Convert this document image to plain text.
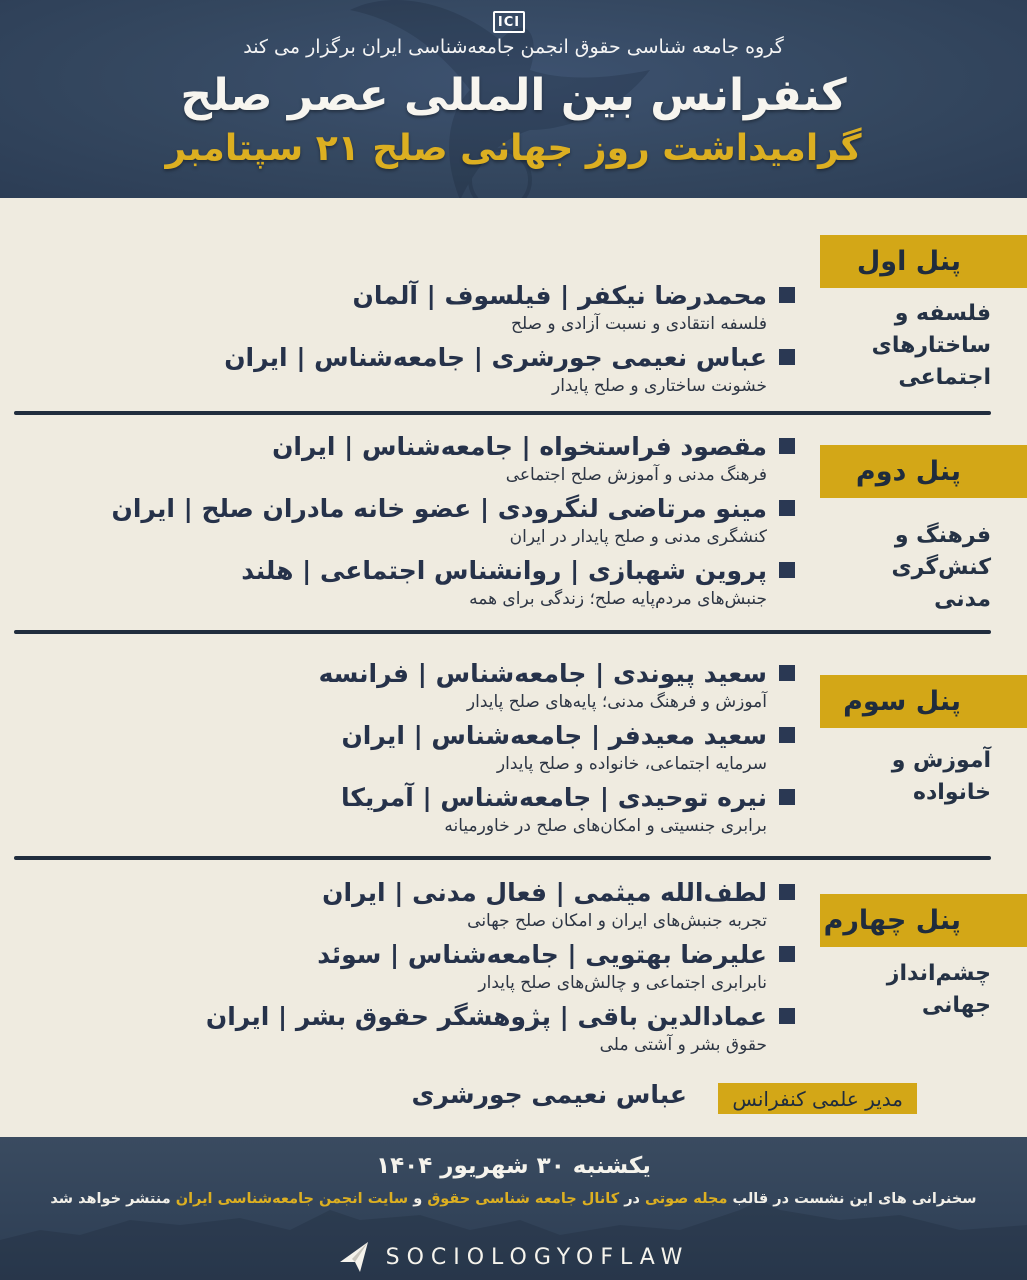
ICI
گروه جامعه شناسی حقوق انجمن جامعه‌شناسی ایران برگزار می کند
کنفرانس بین المللی عصر صلح
گرامیداشت روز جهانی صلح ۲۱ سپتامبر
پنل اول
فلسفه و
ساختارهای
اجتماعی
محمدرضا نیکفر | فیلسوف | آلمان
فلسفه انتقادی و نسبت آزادی و صلح
عباس نعیمی جورشری | جامعه‌شناس | ایران
خشونت ساختاری و صلح پایدار
پنل دوم
فرهنگ و
کنش‌گری
مدنی
مقصود فراستخواه | جامعه‌شناس | ایران
فرهنگ مدنی و آموزش صلح اجتماعی
مینو مرتاضی لنگرودی | عضو خانه مادران صلح | ایران
کنشگری مدنی و صلح پایدار در ایران
پروین شهبازی | روانشناس اجتماعی | هلند
جنبش‌های مردم‌پایه صلح؛ زندگی برای همه
پنل سوم
آموزش و
خانواده
سعید پیوندی | جامعه‌شناس | فرانسه
آموزش و فرهنگ مدنی؛ پایه‌های صلح پایدار
سعید معیدفر | جامعه‌شناس | ایران
سرمایه اجتماعی، خانواده و صلح پایدار
نیره توحیدی | جامعه‌شناس | آمریکا
برابری جنسیتی و امکان‌های صلح در خاورمیانه
پنل چهارم
چشم‌انداز
جهانی
لطف‌الله میثمی | فعال مدنی | ایران
تجربه جنبش‌های ایران و امکان صلح جهانی
علیرضا بهتویی | جامعه‌شناس | سوئد
نابرابری اجتماعی و چالش‌های صلح پایدار
عمادالدین باقی | پژوهشگر حقوق بشر | ایران
حقوق بشر و آشتی ملی
مدیر علمی کنفرانس
عباس نعیمی جورشری
یکشنبه ۳۰ شهریور ۱۴۰۴
سخنرانی های این نشست در قالب مجله صوتی در کانال جامعه شناسی حقوق و سایت انجمن جامعه‌شناسی ایران منتشر خواهد شد
SOCIOLOGYOFLAW
